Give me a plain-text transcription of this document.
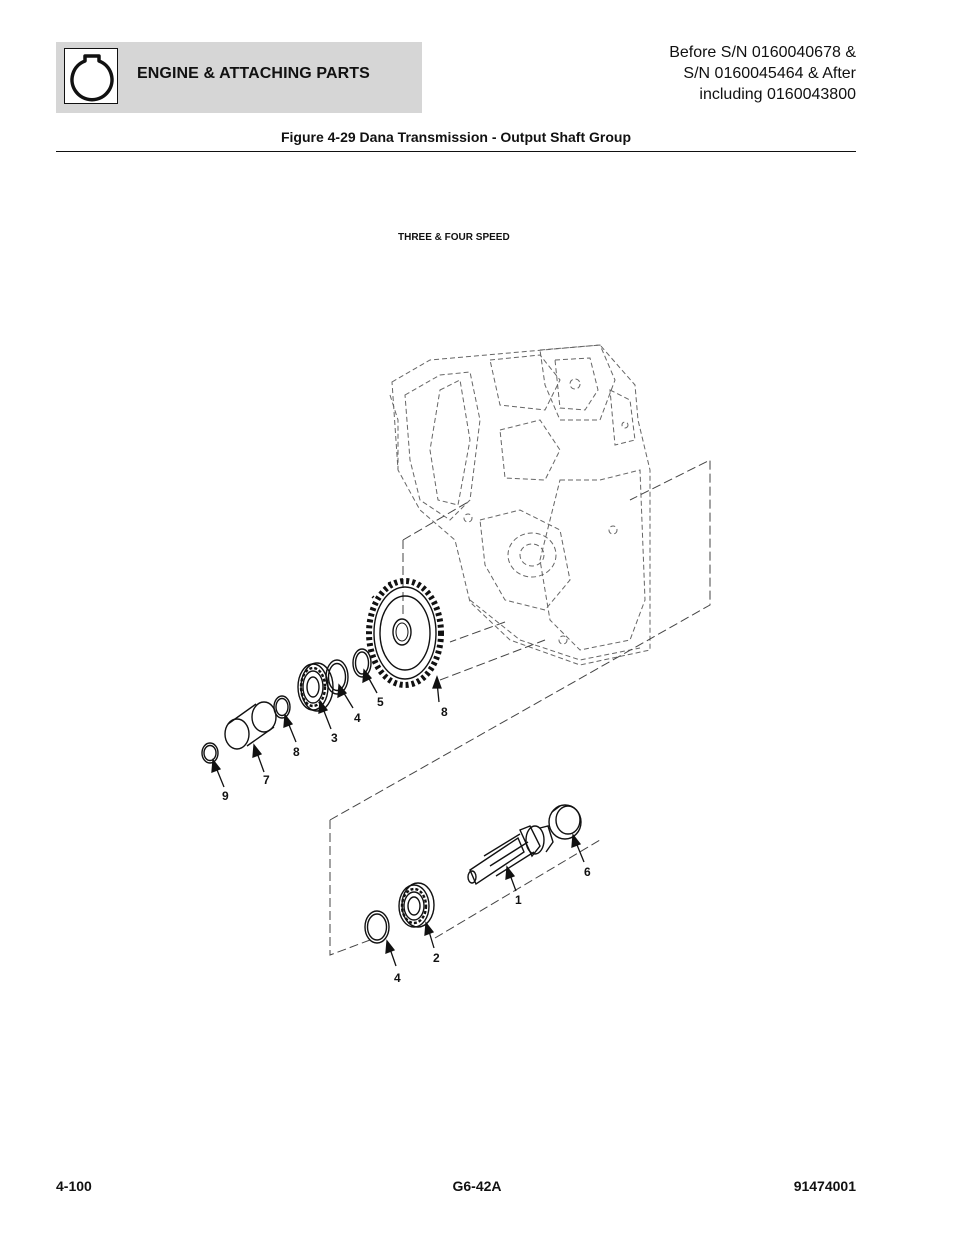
ENGINE & ATTACHING PARTS
Before S/N 0160040678 &
S/N 0160045464 & After
including 0160043800
Figure 4-29 Dana Transmission - Output Shaft Group
THREE & FOUR SPEED
8
5
4
3
8
7
9
6
1
2
4
4-100	G6-42A	91474001
